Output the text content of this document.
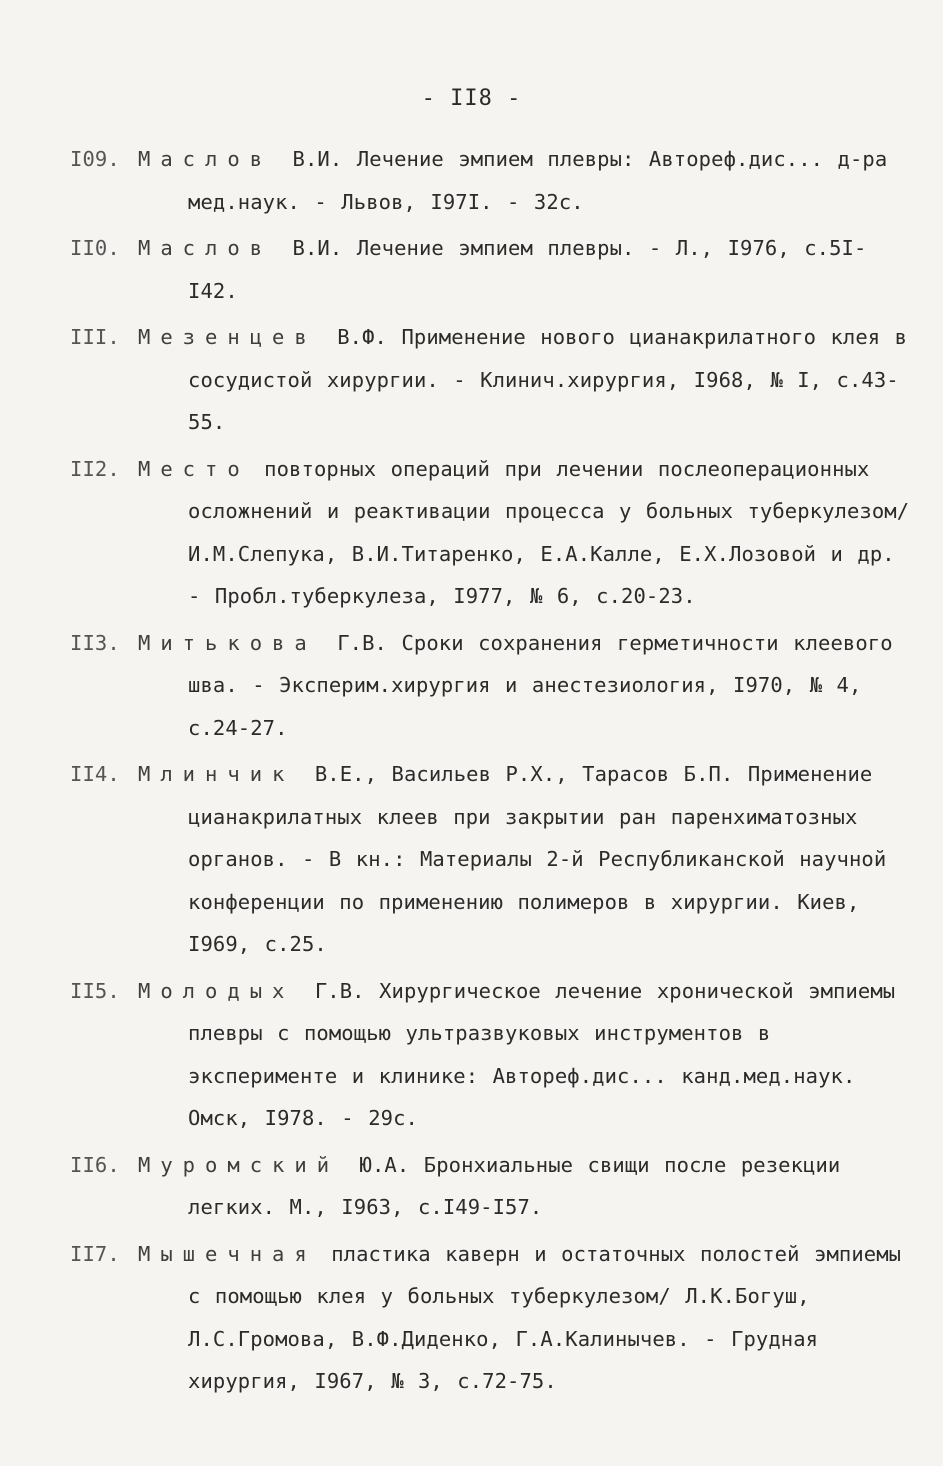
- II8 -
I09. Маслов В.И. Лечение эмпием плевры: Автореф.дис... д-ра мед.наук. - Львов, I97I. - 32с.
II0. Маслов В.И. Лечение эмпием плевры. - Л., I976, с.5I-I42.
III. Мезенцев В.Ф. Применение нового цианакрилатного клея в сосудистой хирургии. - Клинич.хирургия, I968, № I, с.43-55.
II2. Место повторных операций при лечении послеоперационных осложнений и реактивации процесса у больных туберкулезом/ И.М.Слепука, В.И.Титаренко, Е.А.Калле, Е.Х.Лозовой и др. - Пробл.туберкулеза, I977, № 6, с.20-23.
II3. Митькова Г.В. Сроки сохранения герметичности клеевого шва. - Эксперим.хирургия и анестезиология, I970, № 4, с.24-27.
II4. Млинчик В.Е., Васильев Р.Х., Тарасов Б.П. Применение цианакрилатных клеев при закрытии ран паренхиматозных органов. - В кн.: Материалы 2-й Республиканской научной конференции по применению полимеров в хирургии. Киев, I969, с.25.
II5. Молодых Г.В. Хирургическое лечение хронической эмпиемы плевры с помощью ультразвуковых инструментов в эксперименте и клинике: Автореф.дис... канд.мед.наук. Омск, I978. - 29с.
II6. Муромский Ю.А. Бронхиальные свищи после резекции легких. М., I963, с.I49-I57.
II7. Мышечная пластика каверн и остаточных полостей эмпиемы с помощью клея у больных туберкулезом/ Л.К.Богуш, Л.С.Громова, В.Ф.Диденко, Г.А.Калинычев. - Грудная хирургия, I967, № 3, с.72-75.
